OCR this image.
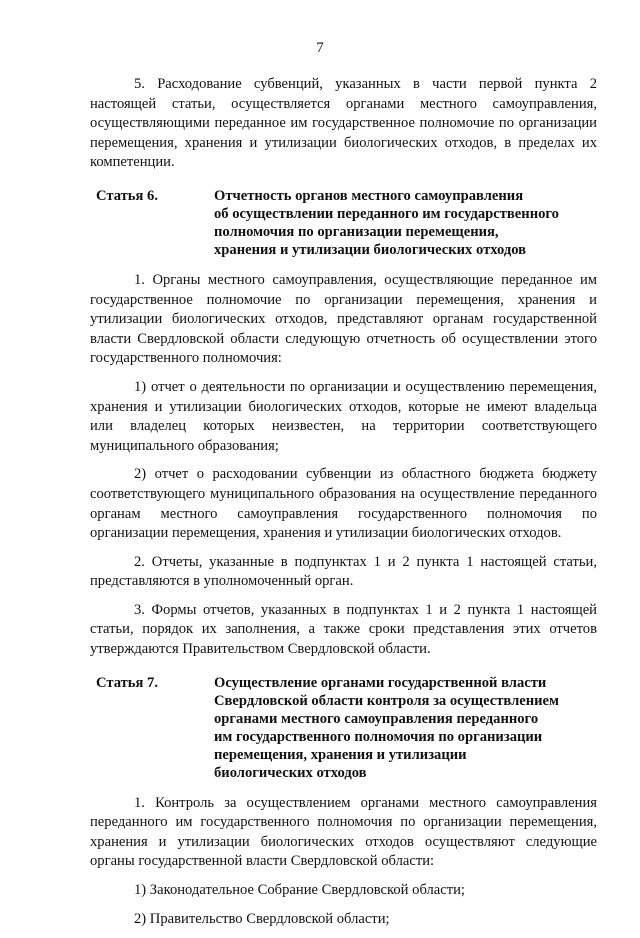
7

5. Расходование субвенций, указанных в части первой пункта 2 настоящей статьи, осуществляется органами местного самоуправления, осуществляющими переданное им государственное полномочие по организации перемещения, хранения и утилизации биологических отходов, в пределах их компетенции.

Статья 6.	Отчетность органов местного самоуправления
об осуществлении переданного им государственного
полномочия по организации перемещения,
хранения и утилизации биологических отходов

1. Органы местного самоуправления, осуществляющие переданное им государственное полномочие по организации перемещения, хранения и утилизации биологических отходов, представляют органам государственной власти Свердловской области следующую отчетность об осуществлении этого государственного полномочия:

1) отчет о деятельности по организации и осуществлению перемещения, хранения и утилизации биологических отходов, которые не имеют владельца или владелец которых неизвестен, на территории соответствующего муниципального образования;

2) отчет о расходовании субвенции из областного бюджета бюджету соответствующего муниципального образования на осуществление переданного органам местного самоуправления государственного полномочия по организации перемещения, хранения и утилизации биологических отходов.

2. Отчеты, указанные в подпунктах 1 и 2 пункта 1 настоящей статьи, представляются в уполномоченный орган.

3. Формы отчетов, указанных в подпунктах 1 и 2 пункта 1 настоящей статьи, порядок их заполнения, а также сроки представления этих отчетов утверждаются Правительством Свердловской области.

Статья 7.	Осуществление органами государственной власти
Свердловской области контроля за осуществлением
органами местного самоуправления переданного
им государственного полномочия по организации
перемещения, хранения и утилизации
биологических отходов

1. Контроль за осуществлением органами местного самоуправления переданного им государственного полномочия по организации перемещения, хранения и утилизации биологических отходов осуществляют следующие органы государственной власти Свердловской области:

1) Законодательное Собрание Свердловской области;

2) Правительство Свердловской области;
